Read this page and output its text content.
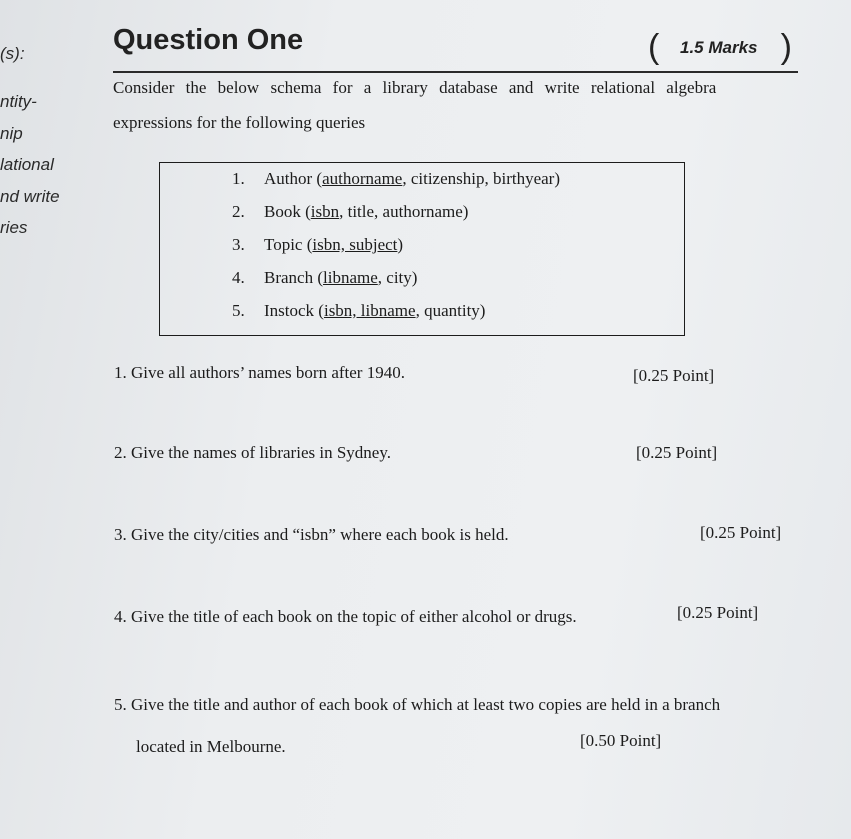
(s):
ntity-
nip
lational
nd write
ries
Question One	( 1.5 Marks )
Consider the below schema for a library database and write relational algebra
expressions for the following queries
1. Author (authorname, citizenship, birthyear)
2. Book (isbn, title, authorname)
3. Topic (isbn, subject)
4. Branch (libname, city)
5. Instock (isbn, libname, quantity)
1. Give all authors’ names born after 1940.	[0.25 Point]
2. Give the names of libraries in Sydney.	[0.25 Point]
3. Give the city/cities and “isbn” where each book is held.	[0.25 Point]
4. Give the title of each book on the topic of either alcohol or drugs.	[0.25 Point]
5. Give the title and author of each book of which at least two copies are held in a branch
located in Melbourne.	[0.50 Point]
